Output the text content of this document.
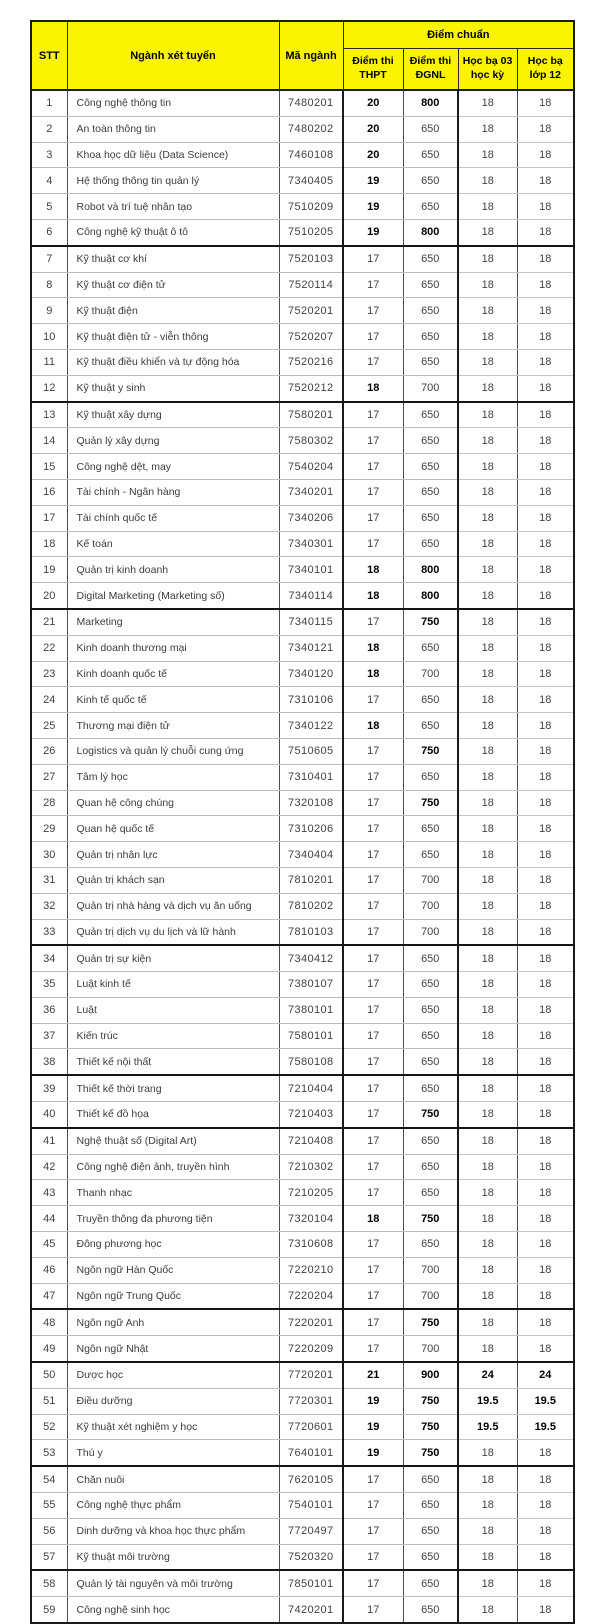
STT	Ngành xét tuyển	Mã ngành	Điểm chuẩn			
			Điểm thi THPT	Điểm thi ĐGNL	Học bạ 03 học kỳ	Học bạ lớp 12
1	Công nghệ thông tin	7480201	20	800	18	18
2	An toàn thông tin	7480202	20	650	18	18
3	Khoa học dữ liệu (Data Science)	7460108	20	650	18	18
4	Hệ thống thông tin quản lý	7340405	19	650	18	18
5	Robot và trí tuệ nhân tạo	7510209	19	650	18	18
6	Công nghệ kỹ thuật ô tô	7510205	19	800	18	18
7	Kỹ thuật cơ khí	7520103	17	650	18	18
8	Kỹ thuật cơ điện tử	7520114	17	650	18	18
9	Kỹ thuật điện	7520201	17	650	18	18
10	Kỹ thuật điện tử - viễn thông	7520207	17	650	18	18
11	Kỹ thuật điều khiển và tự động hóa	7520216	17	650	18	18
12	Kỹ thuật y sinh	7520212	18	700	18	18
13	Kỹ thuật xây dựng	7580201	17	650	18	18
14	Quản lý xây dựng	7580302	17	650	18	18
15	Công nghệ dệt, may	7540204	17	650	18	18
16	Tài chính - Ngân hàng	7340201	17	650	18	18
17	Tài chính quốc tế	7340206	17	650	18	18
18	Kế toán	7340301	17	650	18	18
19	Quản trị kinh doanh	7340101	18	800	18	18
20	Digital Marketing (Marketing số)	7340114	18	800	18	18
21	Marketing	7340115	17	750	18	18
22	Kinh doanh thương mại	7340121	18	650	18	18
23	Kinh doanh quốc tế	7340120	18	700	18	18
24	Kinh tế quốc tế	7310106	17	650	18	18
25	Thương mại điện tử	7340122	18	650	18	18
26	Logistics và quản lý chuỗi cung ứng	7510605	17	750	18	18
27	Tâm lý học	7310401	17	650	18	18
28	Quan hệ công chúng	7320108	17	750	18	18
29	Quan hệ quốc tế	7310206	17	650	18	18
30	Quản trị nhân lực	7340404	17	650	18	18
31	Quản trị khách sạn	7810201	17	700	18	18
32	Quản trị nhà hàng và dịch vụ ăn uống	7810202	17	700	18	18
33	Quản trị dịch vụ du lịch và lữ hành	7810103	17	700	18	18
34	Quản trị sự kiện	7340412	17	650	18	18
35	Luật kinh tế	7380107	17	650	18	18
36	Luật	7380101	17	650	18	18
37	Kiến trúc	7580101	17	650	18	18
38	Thiết kế nội thất	7580108	17	650	18	18
39	Thiết kế thời trang	7210404	17	650	18	18
40	Thiết kế đồ họa	7210403	17	750	18	18
41	Nghệ thuật số (Digital Art)	7210408	17	650	18	18
42	Công nghệ điện ảnh, truyền hình	7210302	17	650	18	18
43	Thanh nhạc	7210205	17	650	18	18
44	Truyền thông đa phương tiện	7320104	18	750	18	18
45	Đông phương học	7310608	17	650	18	18
46	Ngôn ngữ Hàn Quốc	7220210	17	700	18	18
47	Ngôn ngữ Trung Quốc	7220204	17	700	18	18
48	Ngôn ngữ Anh	7220201	17	750	18	18
49	Ngôn ngữ Nhật	7220209	17	700	18	18
50	Dược học	7720201	21	900	24	24
51	Điều dưỡng	7720301	19	750	19.5	19.5
52	Kỹ thuật xét nghiệm y học	7720601	19	750	19.5	19.5
53	Thú y	7640101	19	750	18	18
54	Chăn nuôi	7620105	17	650	18	18
55	Công nghệ thực phẩm	7540101	17	650	18	18
56	Dinh dưỡng và khoa học thực phẩm	7720497	17	650	18	18
57	Kỹ thuật môi trường	7520320	17	650	18	18
58	Quản lý tài nguyên và môi trường	7850101	17	650	18	18
59	Công nghệ sinh học	7420201	17	650	18	18
